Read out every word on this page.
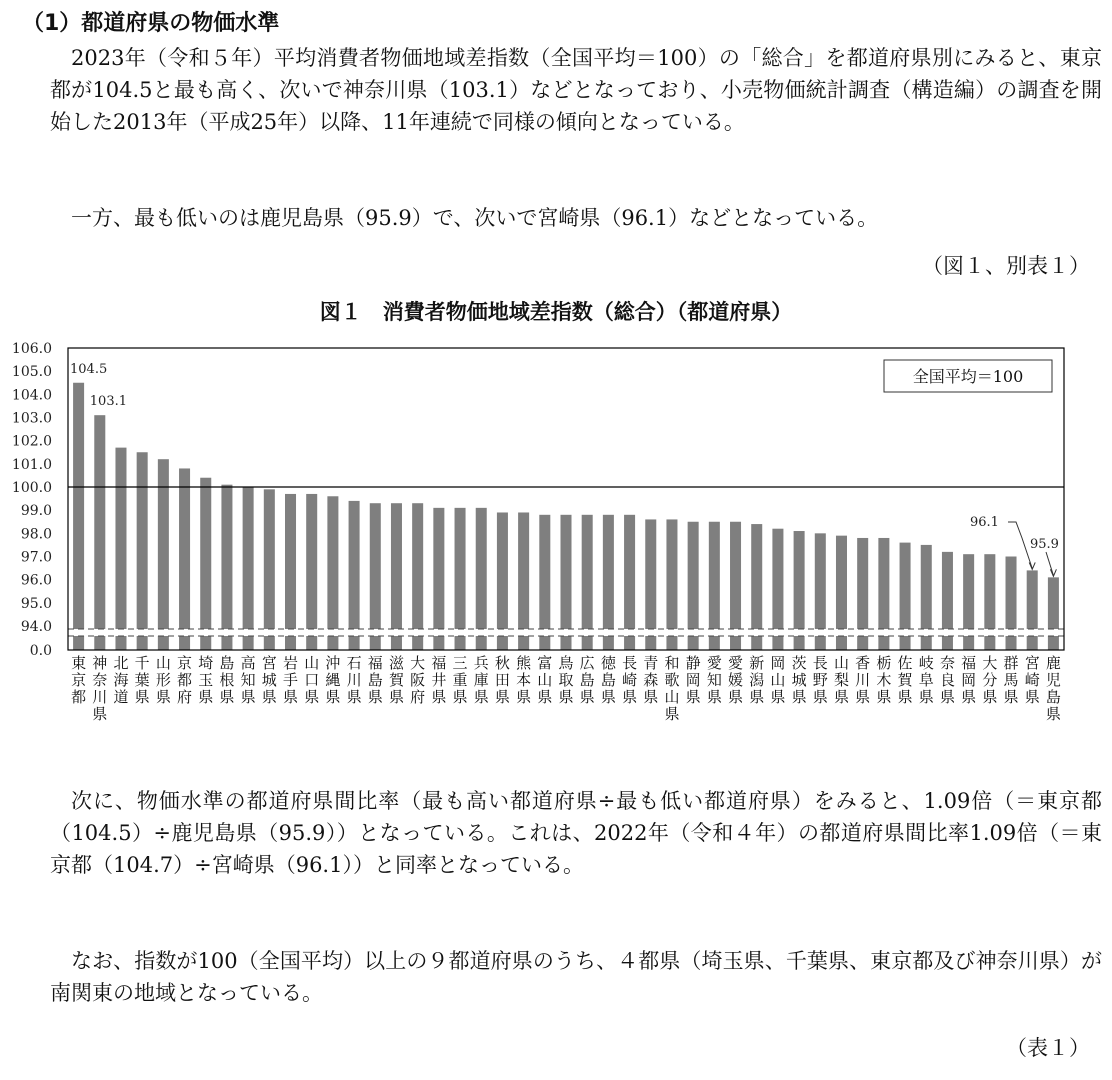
（1）都道府県の物価水準

2023年（令和５年）平均消費者物価地域差指数（全国平均＝100）の「総合」を都道府県別にみると、東京都が104.5と最も高く、次いで神奈川県（103.1）などとなっており、小売物価統計調査（構造編）の調査を開始した2013年（平成25年）以降、11年連続で同様の傾向となっている。

一方、最も低いのは鹿児島県（95.9）で、次いで宮崎県（96.1）などとなっている。

（図１、別表１）
図１　消費者物価地域差指数（総合）（都道府県）
106.0
105.0
104.0
103.0
102.0
101.0
100.0
99.0
98.0
97.0
96.0
95.0
94.0
0.0
全国平均＝100
104.5
103.1
96.1
95.9
東京都
神奈川県
北海道
千葉県
山形県
京都府
埼玉県
島根県
高知県
宮城県
岩手県
山口県
沖縄県
石川県
福島県
滋賀県
大阪府
福井県
三重県
兵庫県
秋田県
熊本県
富山県
鳥取県
広島県
徳島県
長崎県
青森県
和歌山県
静岡県
愛知県
愛媛県
新潟県
岡山県
茨城県
長野県
山梨県
香川県
栃木県
佐賀県
岐阜県
奈良県
福岡県
大分県
群馬県
宮崎県
鹿児島県

次に、物価水準の都道府県間比率（最も高い都道府県÷最も低い都道府県）をみると、1.09倍（＝東京都（104.5）÷鹿児島県（95.9））となっている。これは、2022年（令和４年）の都道府県間比率1.09倍（＝東京都（104.7）÷宮崎県（96.1））と同率となっている。

なお、指数が100（全国平均）以上の９都道府県のうち、４都県（埼玉県、千葉県、東京都及び神奈川県）が南関東の地域となっている。

（表１）
